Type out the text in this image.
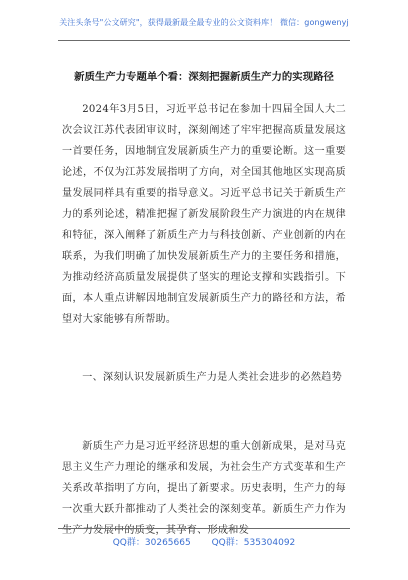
关注头条号"公文研究"，获得最新最全最专业的公文资料库！ 微信：gongwenyj
新质生产力专题单个看：深刻把握新质生产力的实现路径

2024年3月5日，习近平总书记在参加十四届全国人大二次会议江苏代表团审议时，深刻阐述了牢牢把握高质量发展这一首要任务，因地制宜发展新质生产力的重要论断。这一重要论述，不仅为江苏发展指明了方向，对全国其他地区实现高质量发展同样具有重要的指导意义。习近平总书记关于新质生产力的系列论述，精准把握了新发展阶段生产力演进的内在规律和特征，深入阐释了新质生产力与科技创新、产业创新的内在联系，为我们明确了加快发展新质生产力的主要任务和措施，为推动经济高质量发展提供了坚实的理论支撑和实践指引。下面，本人重点讲解因地制宜发展新质生产力的路径和方法，希望对大家能够有所帮助。

一、深刻认识发展新质生产力是人类社会进步的必然趋势

新质生产力是习近平经济思想的重大创新成果，是对马克思主义生产力理论的继承和发展，为社会生产方式变革和生产关系改革指明了方向，提出了新要求。历史表明，生产力的每一次重大跃升都推动了人类社会的深刻变革。新质生产力作为生产力发展中的质变，其孕育、形成和发

QQ群：30265665 QQ群：535304092
